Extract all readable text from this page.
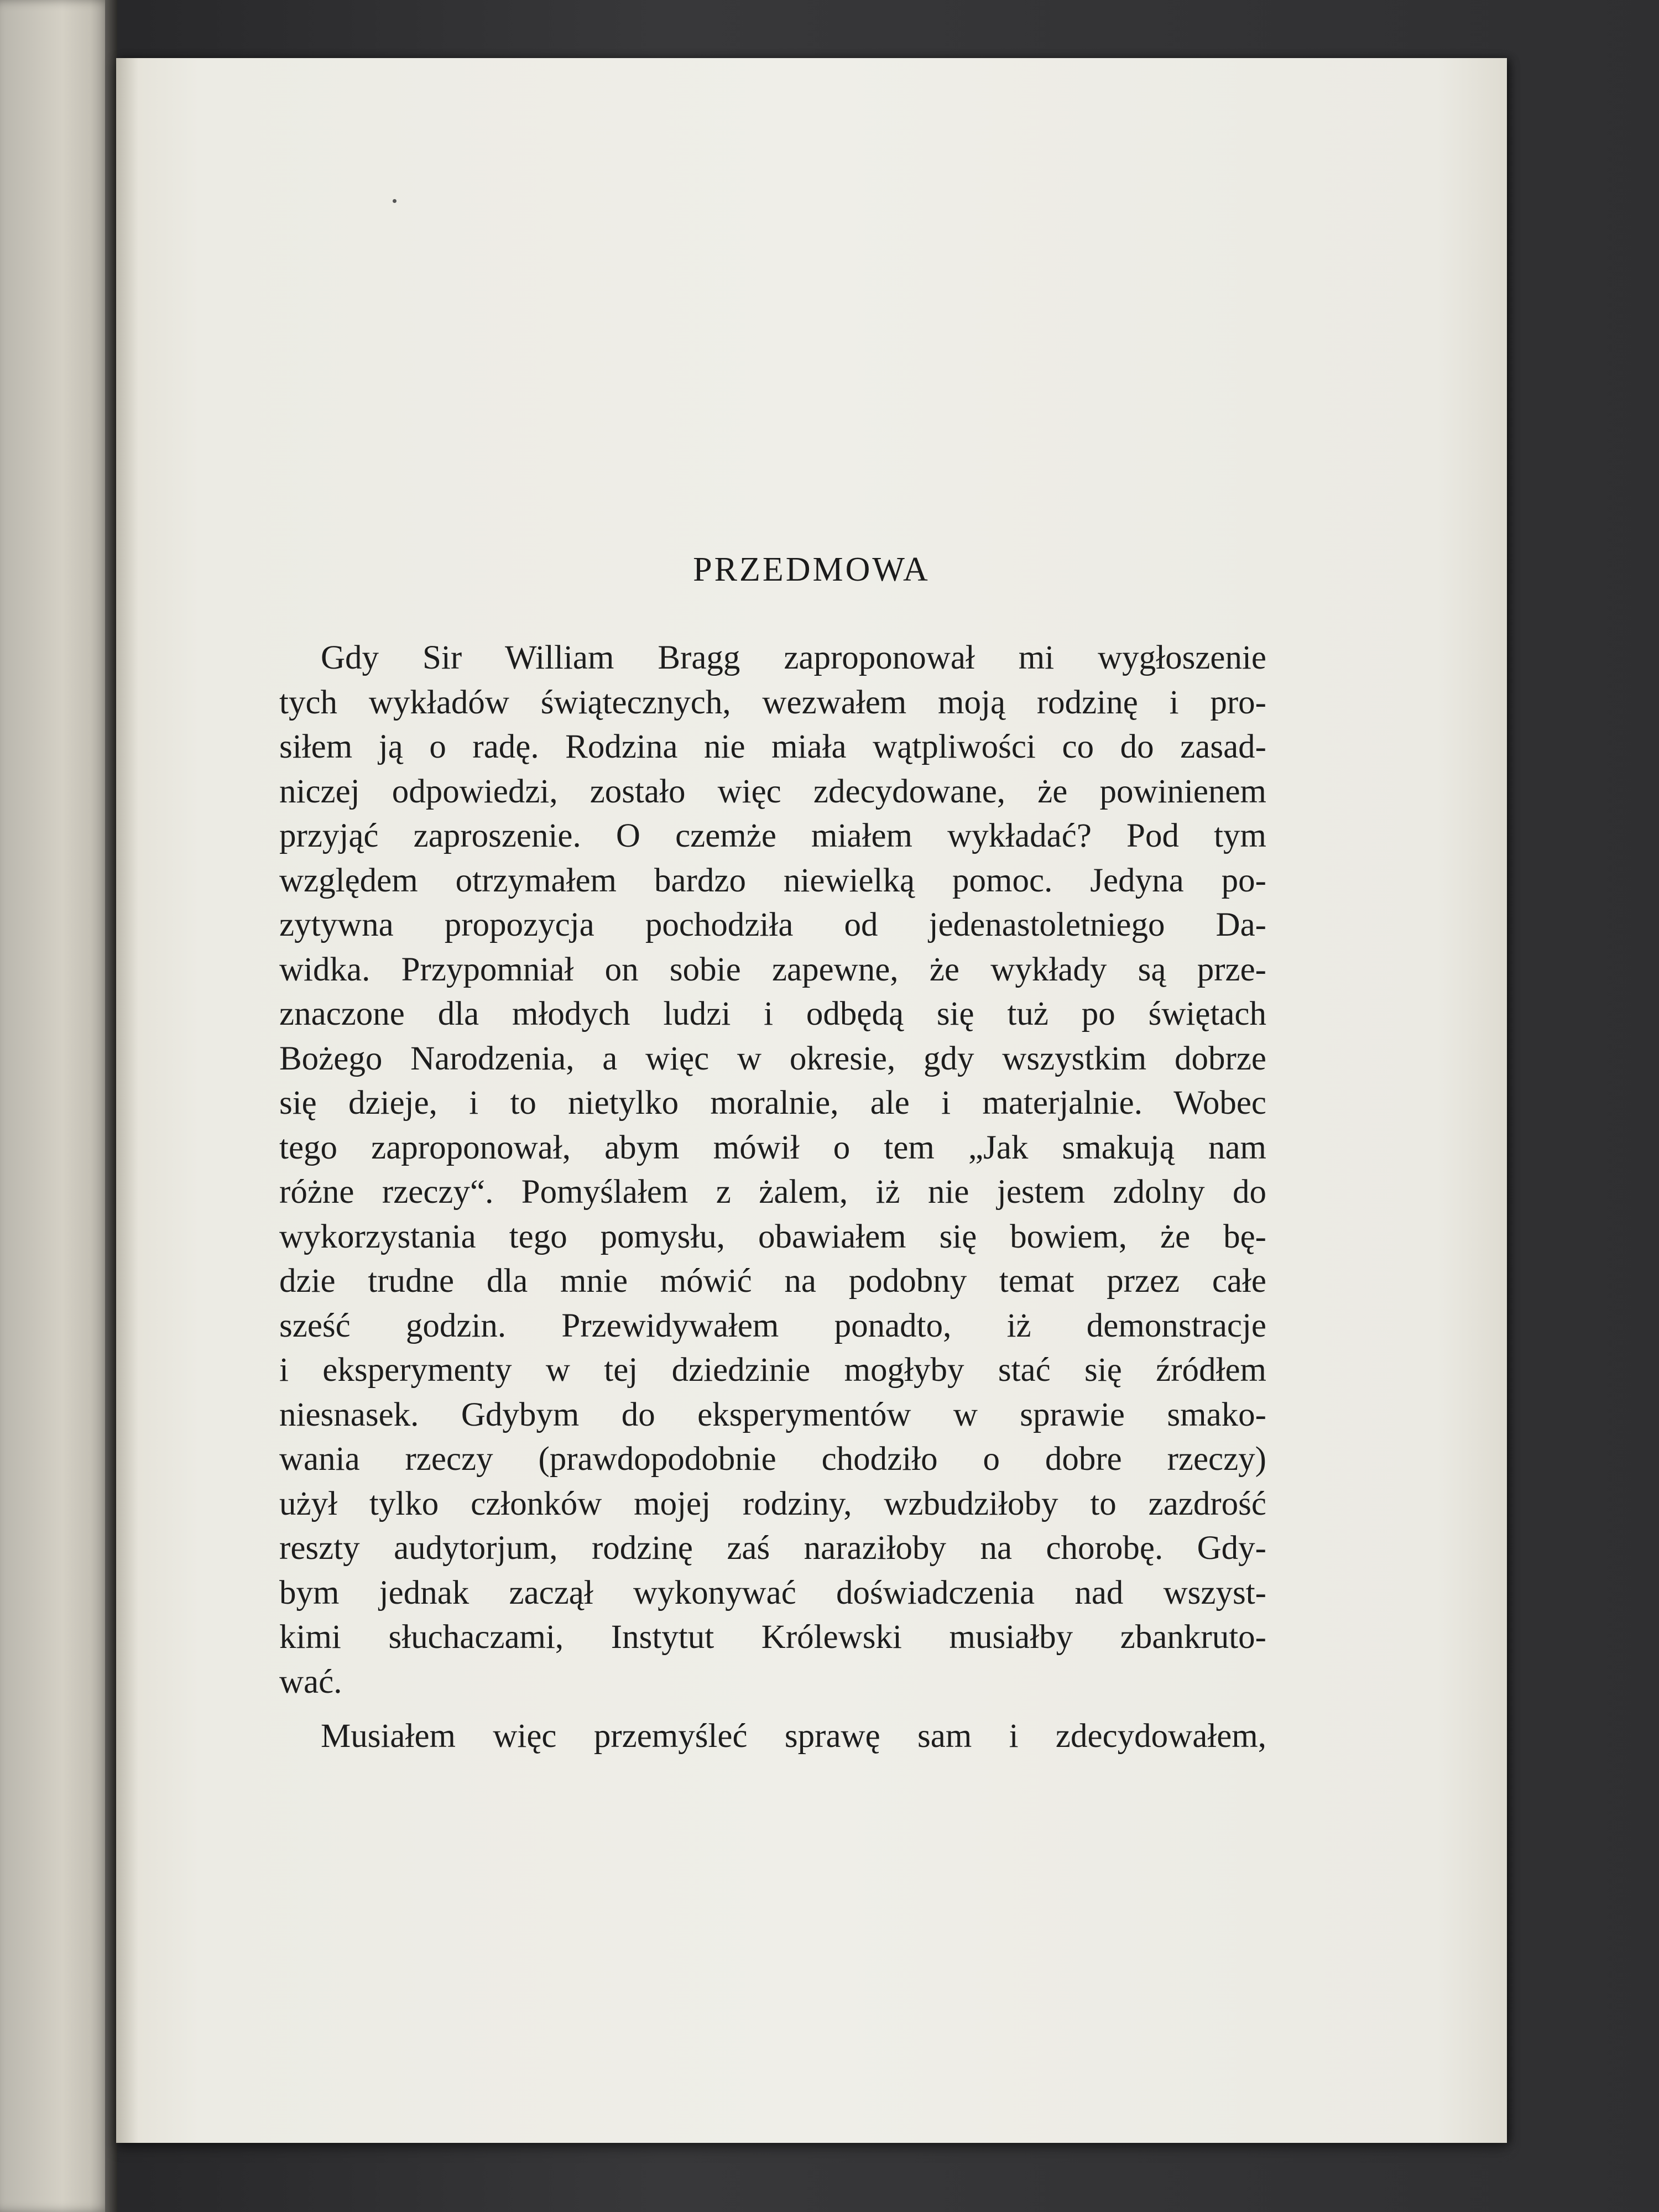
PRZEDMOWA
Gdy Sir William Bragg zaproponował mi wygłoszenie
tych wykładów świątecznych, wezwałem moją rodzinę i pro-
siłem ją o radę. Rodzina nie miała wątpliwości co do zasad-
niczej odpowiedzi, zostało więc zdecydowane, że powinienem
przyjąć zaproszenie. O czemże miałem wykładać? Pod tym
względem otrzymałem bardzo niewielką pomoc. Jedyna po-
zytywna propozycja pochodziła od jedenastoletniego Da-
widka. Przypomniał on sobie zapewne, że wykłady są prze-
znaczone dla młodych ludzi i odbędą się tuż po świętach
Bożego Narodzenia, a więc w okresie, gdy wszystkim dobrze
się dzieje, i to nietylko moralnie, ale i materjalnie. Wobec
tego zaproponował, abym mówił o tem „Jak smakują nam
różne rzeczy“. Pomyślałem z żalem, iż nie jestem zdolny do
wykorzystania tego pomysłu, obawiałem się bowiem, że bę-
dzie trudne dla mnie mówić na podobny temat przez całe
sześć godzin. Przewidywałem ponadto, iż demonstracje
i eksperymenty w tej dziedzinie mogłyby stać się źródłem
niesnasek. Gdybym do eksperymentów w sprawie smako-
wania rzeczy (prawdopodobnie chodziło o dobre rzeczy)
użył tylko członków mojej rodziny, wzbudziłoby to zazdrość
reszty audytorjum, rodzinę zaś naraziłoby na chorobę. Gdy-
bym jednak zaczął wykonywać doświadczenia nad wszyst-
kimi słuchaczami, Instytut Królewski musiałby zbankruto-
wać.
Musiałem więc przemyśleć sprawę sam i zdecydowałem,
